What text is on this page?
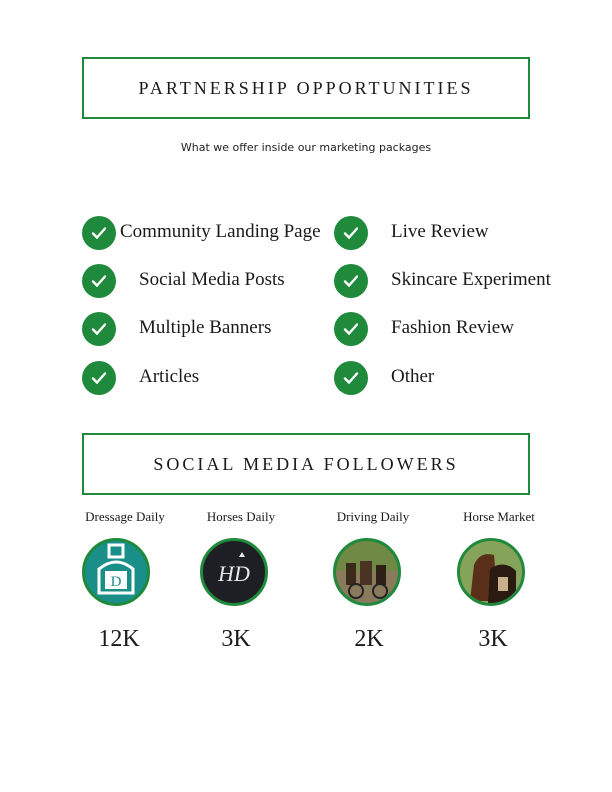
PARTNERSHIP OPPORTUNITIES
What we offer inside our marketing packages
Community Landing Page
Social Media Posts
Multiple Banners
Articles
Live Review
Skincare Experiment
Fashion Review
Other
SOCIAL MEDIA FOLLOWERS
Dressage Daily
D
12K
Horses Daily
HD
3K
Driving Daily
2K
Horse Market
3K
